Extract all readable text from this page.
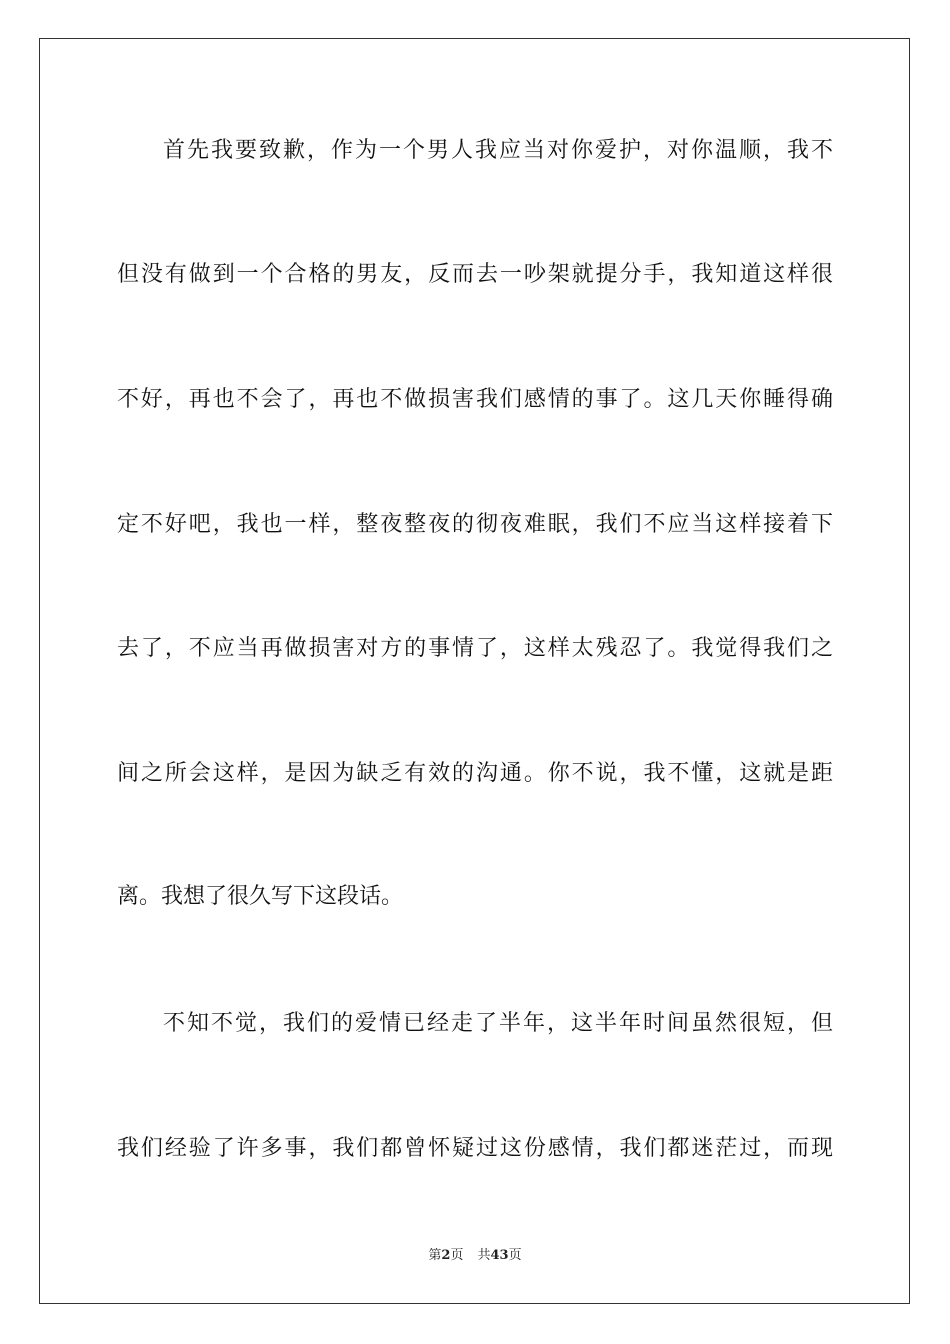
首先我要致歉，作为一个男人我应当对你爱护，对你温顺，我不
但没有做到一个合格的男友，反而去一吵架就提分手，我知道这样很
不好，再也不会了，再也不做损害我们感情的事了。这几天你睡得确
定不好吧，我也一样，整夜整夜的彻夜难眠，我们不应当这样接着下
去了，不应当再做损害对方的事情了，这样太残忍了。我觉得我们之
间之所会这样，是因为缺乏有效的沟通。你不说，我不懂，这就是距
离。我想了很久写下这段话。
不知不觉，我们的爱情已经走了半年，这半年时间虽然很短，但
我们经验了许多事，我们都曾怀疑过这份感情，我们都迷茫过，而现
第2页 共43页
